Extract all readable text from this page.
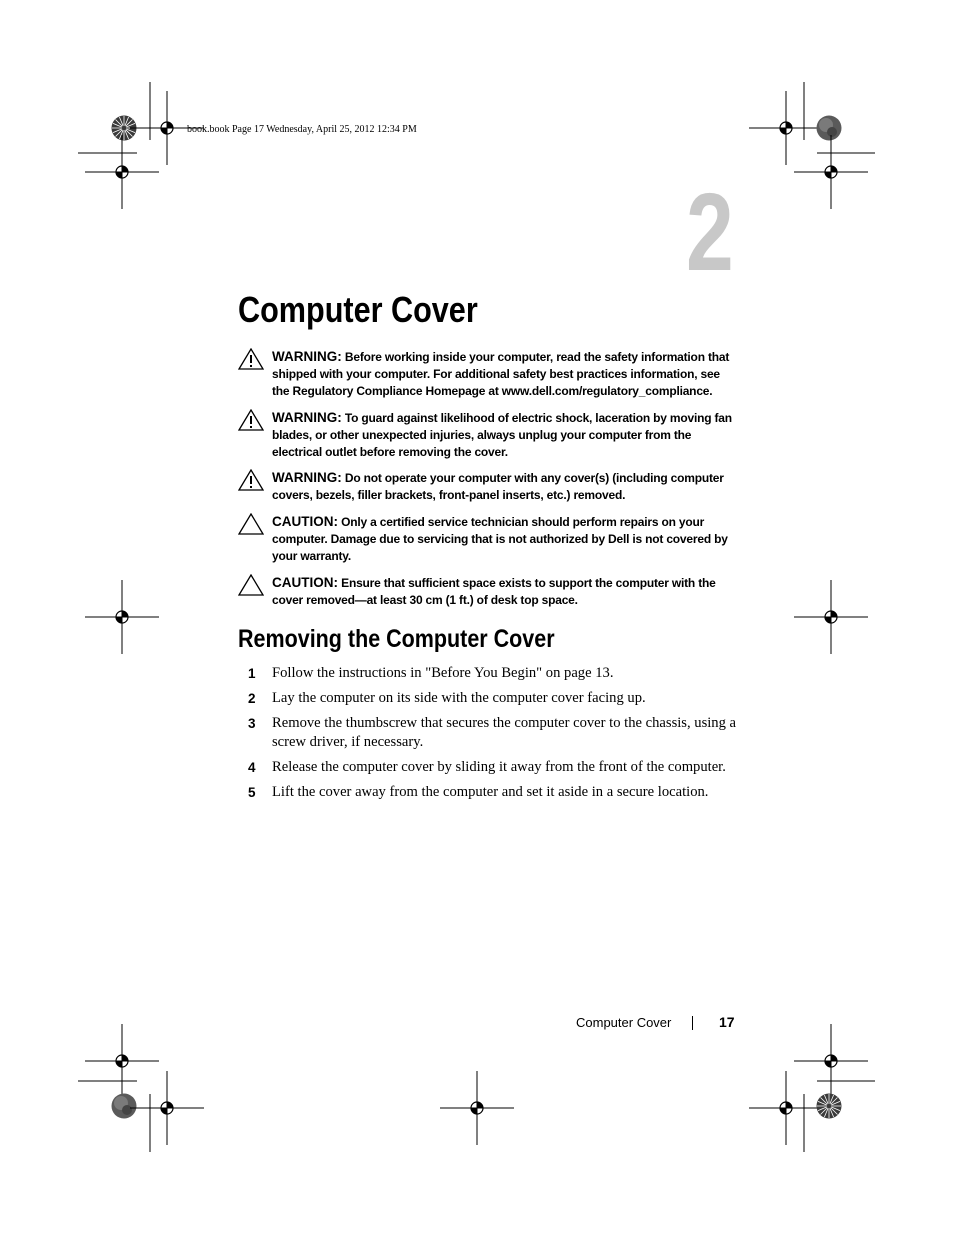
book.book Page 17 Wednesday, April 25, 2012 12:34 PM
2
Computer Cover
WARNING: Before working inside your computer, read the safety information that shipped with your computer. For additional safety best practices information, see the Regulatory Compliance Homepage at www.dell.com/regulatory_compliance.
WARNING: To guard against likelihood of electric shock, laceration by moving fan blades, or other unexpected injuries, always unplug your computer from the electrical outlet before removing the cover.
WARNING: Do not operate your computer with any cover(s) (including computer covers, bezels, filler brackets, front-panel inserts, etc.) removed.
CAUTION: Only a certified service technician should perform repairs on your computer. Damage due to servicing that is not authorized by Dell is not covered by your warranty.
CAUTION: Ensure that sufficient space exists to support the computer with the cover removed—at least 30 cm (1 ft.) of desk top space.
Removing the Computer Cover
1 Follow the instructions in "Before You Begin" on page 13.
2 Lay the computer on its side with the computer cover facing up.
3 Remove the thumbscrew that secures the computer cover to the chassis, using a screw driver, if necessary.
4 Release the computer cover by sliding it away from the front of the computer.
5 Lift the cover away from the computer and set it aside in a secure location.
Computer Cover	17
